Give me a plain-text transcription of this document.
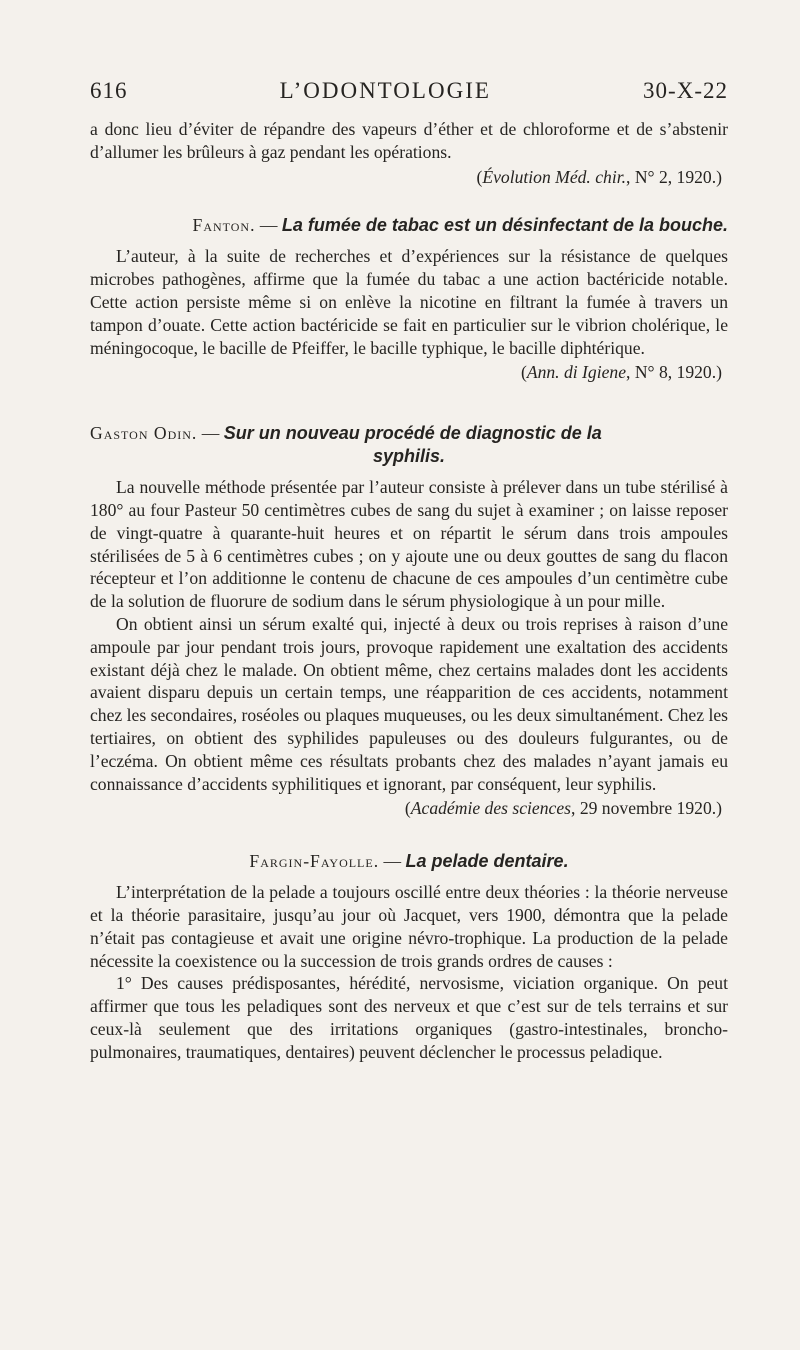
616	L’ODONTOLOGIE	30-X-22

a donc lieu d’éviter de répandre des vapeurs d’éther et de chloroforme et de s’abstenir d’allumer les brûleurs à gaz pendant les opérations.

(Évolution Méd. chir., N° 2, 1920.)
Fanton. — La fumée de tabac est un désinfectant de la bouche.

L’auteur, à la suite de recherches et d’expériences sur la résistance de quelques microbes pathogènes, affirme que la fumée du tabac a une action bactéricide notable. Cette action persiste même si on enlève la nicotine en filtrant la fumée à travers un tampon d’ouate. Cette action bactéricide se fait en particulier sur le vibrion cholérique, le méningocoque, le bacille de Pfeiffer, le bacille typhique, le bacille diphtérique.

(Ann. di Igiene, N° 8, 1920.)
Gaston Odin. — Sur un nouveau procédé de diagnostic de la
syphilis.

La nouvelle méthode présentée par l’auteur consiste à prélever dans un tube stérilisé à 180° au four Pasteur 50 centimètres cubes de sang du sujet à examiner ; on laisse reposer de vingt-quatre à quarante-huit heures et on répartit le sérum dans trois ampoules stérilisées de 5 à 6 centimètres cubes ; on y ajoute une ou deux gouttes de sang du flacon récepteur et l’on additionne le contenu de chacune de ces ampoules d’un centimètre cube de la solution de fluorure de sodium dans le sérum physiologique à un pour mille.

On obtient ainsi un sérum exalté qui, injecté à deux ou trois reprises à raison d’une ampoule par jour pendant trois jours, provoque rapidement une exaltation des accidents existant déjà chez le malade. On obtient même, chez certains malades dont les accidents avaient disparu depuis un certain temps, une réapparition de ces accidents, notamment chez les secondaires, roséoles ou plaques muqueuses, ou les deux simultanément. Chez les tertiaires, on obtient des syphilides papuleuses ou des douleurs fulgurantes, ou de l’eczéma. On obtient même ces résultats probants chez des malades n’ayant jamais eu connaissance d’accidents syphilitiques et ignorant, par conséquent, leur syphilis.

(Académie des sciences, 29 novembre 1920.)
Fargin-Fayolle. — La pelade dentaire.

L’interprétation de la pelade a toujours oscillé entre deux théories : la théorie nerveuse et la théorie parasitaire, jusqu’au jour où Jacquet, vers 1900, démontra que la pelade n’était pas contagieuse et avait une origine névro-trophique. La production de la pelade nécessite la coexistence ou la succession de trois grands ordres de causes :

1° Des causes prédisposantes, hérédité, nervosisme, viciation organique. On peut affirmer que tous les peladiques sont des nerveux et que c’est sur de tels terrains et sur ceux-là seulement que des irritations organiques (gastro-intestinales, broncho-pulmonaires, traumatiques, dentaires) peuvent déclencher le processus peladique.
